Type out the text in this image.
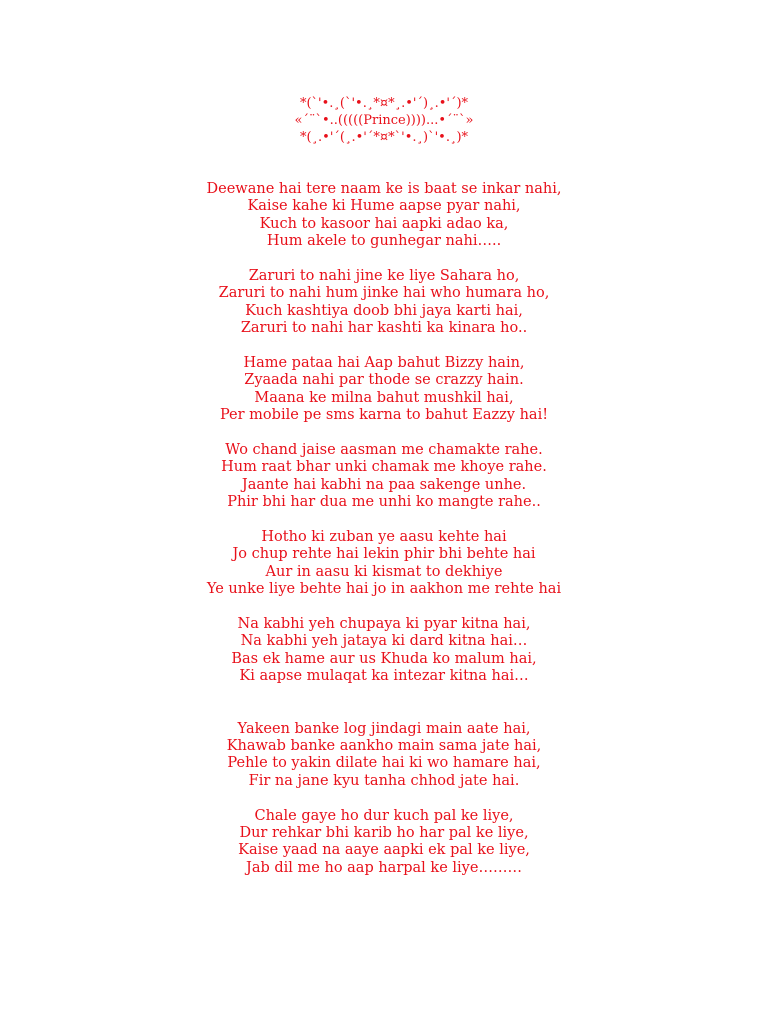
*(`'•.¸(`'•.¸*¤*¸.•'´)¸.•'´)*
«´¨`•..(((((Prince))))...•´¨`»
*(¸.•'´(¸.•'´*¤*`'•.¸)`'•.¸)*
Deewane hai tere naam ke is baat se inkar nahi,
Kaise kahe ki Hume aapse pyar nahi,
Kuch to kasoor hai aapki adao ka,
Hum akele to gunhegar nahi…..
Zaruri to nahi jine ke liye Sahara ho,
Zaruri to nahi hum jinke hai who humara ho,
Kuch kashtiya doob bhi jaya karti hai,
Zaruri to nahi har kashti ka kinara ho..
Hame pataa hai Aap bahut Bizzy hain,
Zyaada nahi par thode se crazzy hain.
Maana ke milna bahut mushkil hai,
Per mobile pe sms karna to bahut Eazzy hai!
Wo chand jaise aasman me chamakte rahe.
Hum raat bhar unki chamak me khoye rahe.
Jaante hai kabhi na paa sakenge unhe.
Phir bhi har dua me unhi ko mangte rahe..
Hotho ki zuban ye aasu kehte hai
Jo chup rehte hai lekin phir bhi behte hai
Aur in aasu ki kismat to dekhiye
Ye unke liye behte hai jo in aakhon me rehte hai
Na kabhi yeh chupaya ki pyar kitna hai,
Na kabhi yeh jataya ki dard kitna hai…
Bas ek hame aur us Khuda ko malum hai,
Ki aapse mulaqat ka intezar kitna hai…
Yakeen banke log jindagi main aate hai,
Khawab banke aankho main sama jate hai,
Pehle to yakin dilate hai ki wo hamare hai,
Fir na jane kyu tanha chhod jate hai.
Chale gaye ho dur kuch pal ke liye,
Dur rehkar bhi karib ho har pal ke liye,
Kaise yaad na aaye aapki ek pal ke liye,
Jab dil me ho aap harpal ke liye………
